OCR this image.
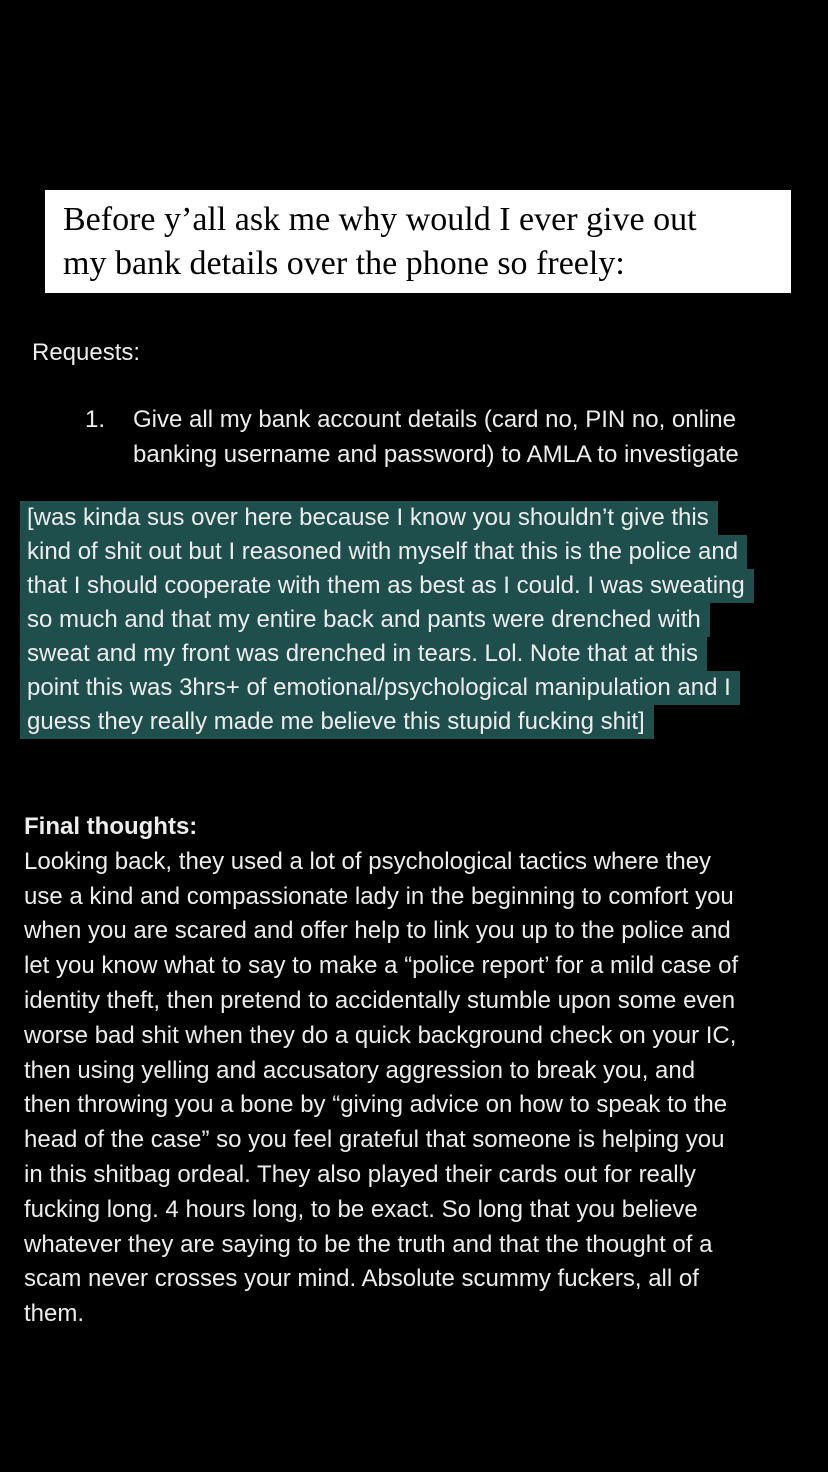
Before y’all ask me why would I ever give out
my bank details over the phone so freely:
Requests:
1.	Give all my bank account details (card no, PIN no, online
banking username and password) to AMLA to investigate
[was kinda sus over here because I know you shouldn’t give this
kind of shit out but I reasoned with myself that this is the police and
that I should cooperate with them as best as I could. I was sweating
so much and that my entire back and pants were drenched with
sweat and my front was drenched in tears. Lol. Note that at this
point this was 3hrs+ of emotional/psychological manipulation and I
guess they really made me believe this stupid fucking shit]
Final thoughts:
Looking back, they used a lot of psychological tactics where they
use a kind and compassionate lady in the beginning to comfort you
when you are scared and offer help to link you up to the police and
let you know what to say to make a “police report’ for a mild case of
identity theft, then pretend to accidentally stumble upon some even
worse bad shit when they do a quick background check on your IC,
then using yelling and accusatory aggression to break you, and
then throwing you a bone by “giving advice on how to speak to the
head of the case” so you feel grateful that someone is helping you
in this shitbag ordeal. They also played their cards out for really
fucking long. 4 hours long, to be exact. So long that you believe
whatever they are saying to be the truth and that the thought of a
scam never crosses your mind. Absolute scummy fuckers, all of
them.
